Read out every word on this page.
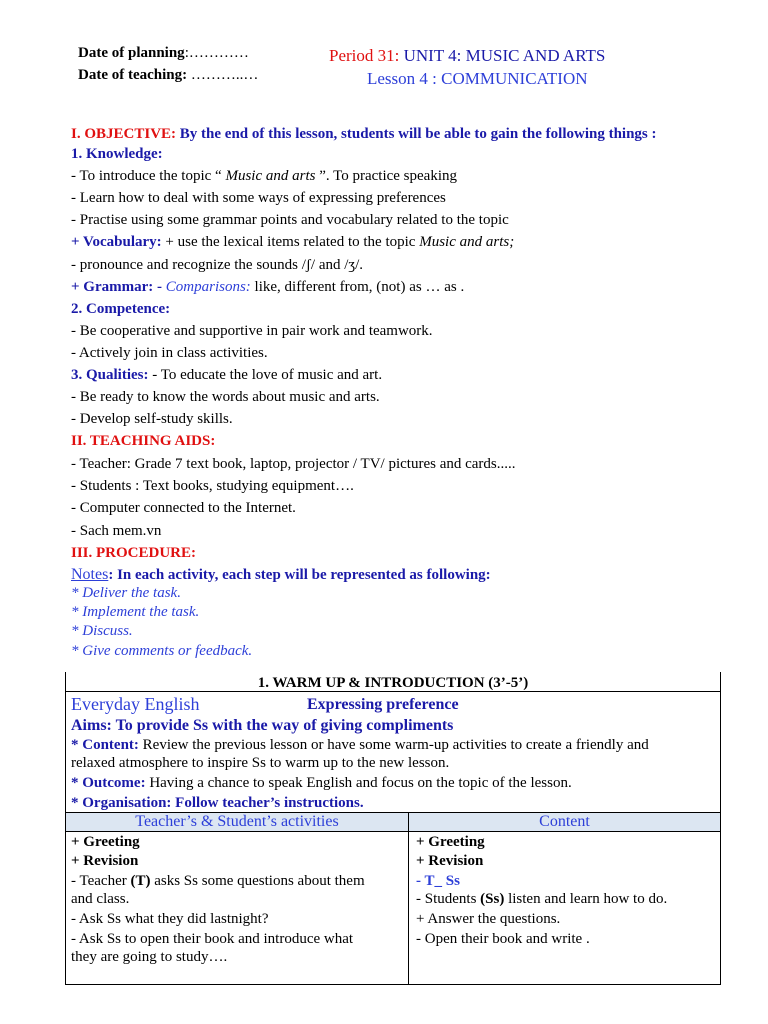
Date of planning:…………
Date of teaching: ………..…
Period 31: UNIT 4: MUSIC AND ARTS
Lesson 4 : COMMUNICATION
I. OBJECTIVE: By the end of this lesson, students will be able to gain the following things :
1. Knowledge:
- To introduce the topic “ Music and arts ”. To practice speaking
- Learn how to deal with some ways of expressing preferences
- Practise using some grammar points and vocabulary related to the topic
+ Vocabulary: + use the lexical items related to the topic Music and arts;
- pronounce and recognize the sounds /ʃ/ and /ʒ/.
+ Grammar: - Comparisons: like, different from, (not) as … as .
2. Competence:
- Be cooperative and supportive in pair work and teamwork.
- Actively join in class activities.
3. Qualities: - To educate the love of music and art.
- Be ready to know the words about music and arts.
- Develop self-study skills.
II. TEACHING AIDS:
- Teacher: Grade 7 text book, laptop, projector / TV/ pictures and cards.....
- Students : Text books, studying equipment….
- Computer connected to the Internet.
- Sach mem.vn
III. PROCEDURE:
Notes: In each activity, each step will be represented as following:
* Deliver the task.
* Implement the task.
* Discuss.
* Give comments or feedback.
1. WARM UP & INTRODUCTION (3’-5’)
Everyday English	Expressing preference
Aims: To provide Ss with the way of giving compliments
* Content: Review the previous lesson or have some warm-up activities to create a friendly and
relaxed atmosphere to inspire Ss to warm up to the new lesson.
* Outcome: Having a chance to speak English and focus on the topic of the lesson.
* Organisation: Follow teacher’s instructions.
Teacher’s & Student’s activities	Content
+ Greeting
+ Revision
- Teacher (T) asks Ss some questions about them
and class.
- Ask Ss what they did lastnight?
- Ask Ss to open their book and introduce what
they are going to study….
+ Greeting
+ Revision
- T_ Ss
- Students (Ss) listen and learn how to do.
+ Answer the questions.
- Open their book and write .
